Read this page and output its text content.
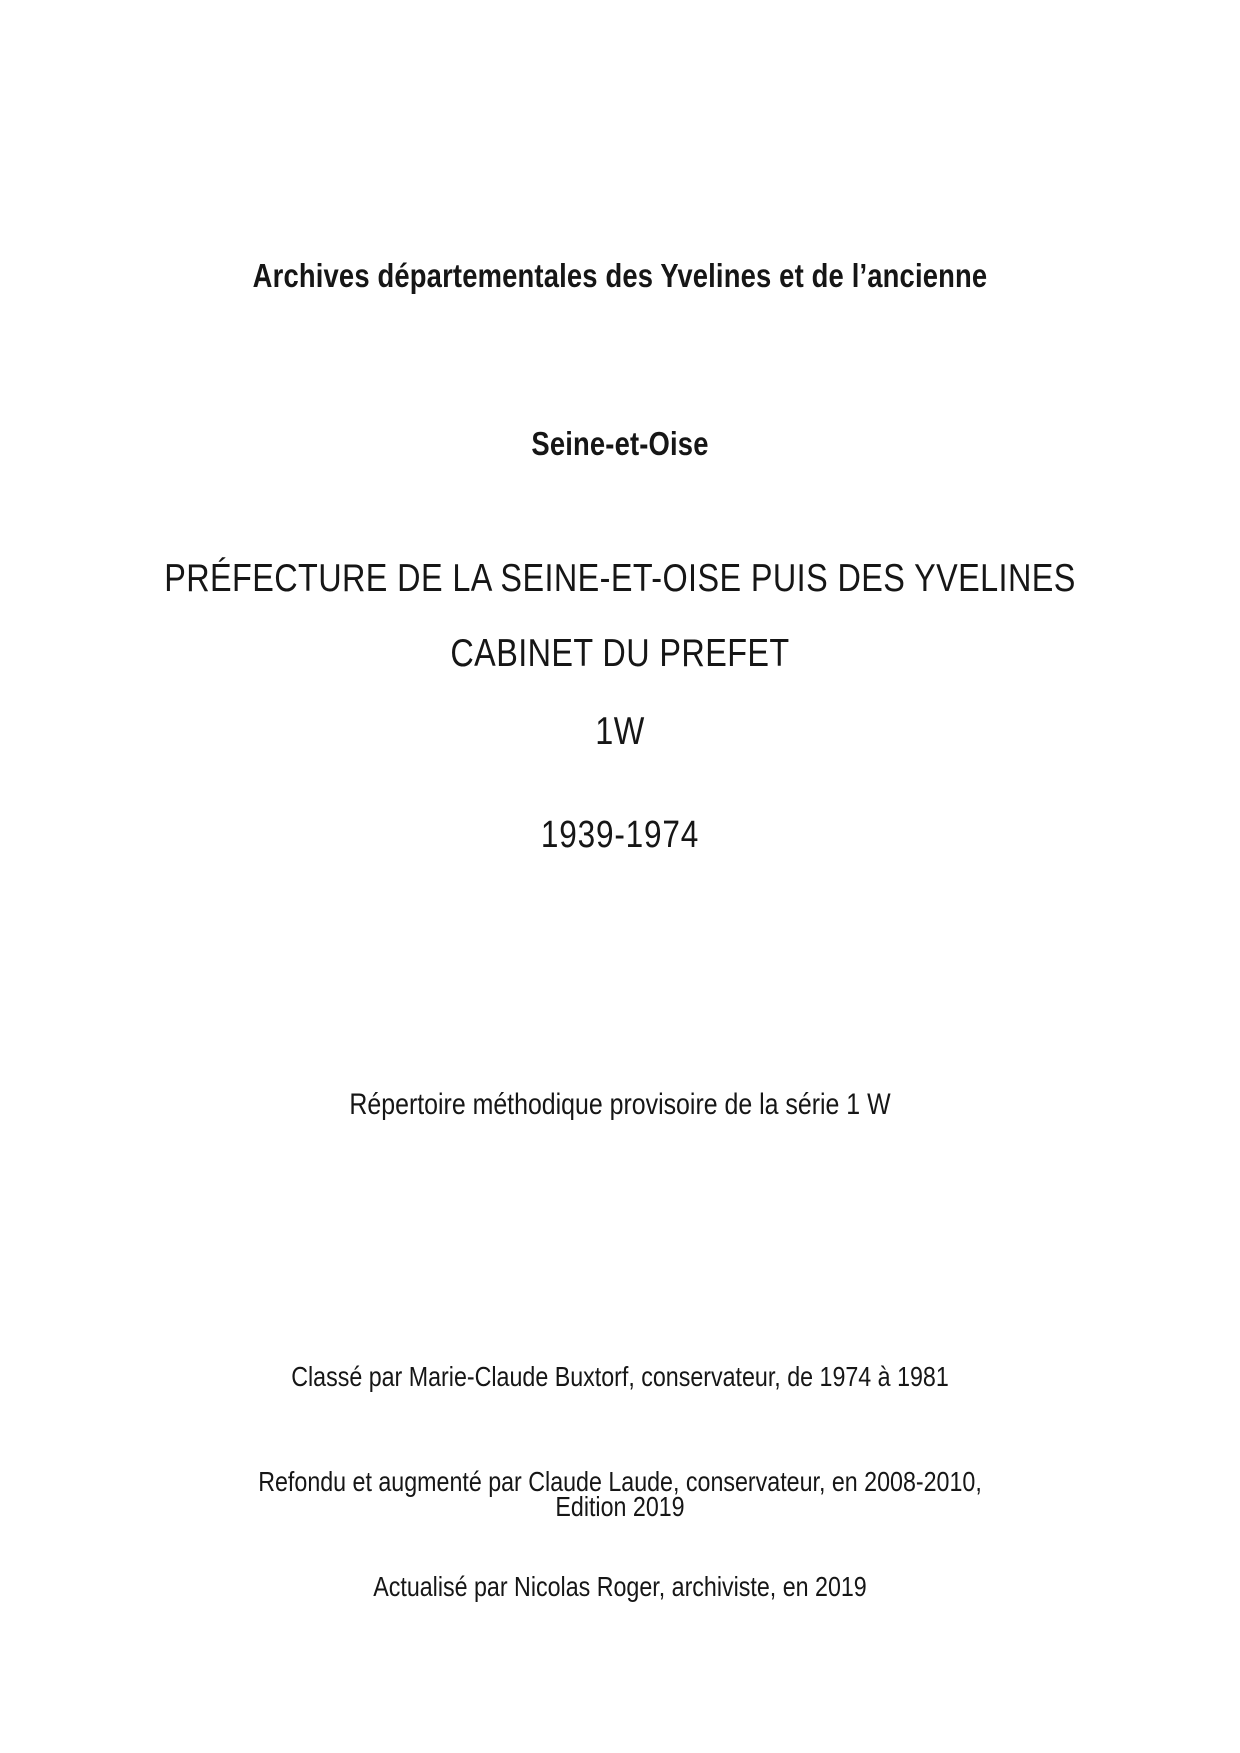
Archives départementales des Yvelines et de l’ancienne

Seine-et-Oise

PRÉFECTURE DE LA SEINE-ET-OISE PUIS DES YVELINES
CABINET DU PREFET
1W
1939-1974
Répertoire méthodique provisoire de la série 1 W

Classé par Marie-Claude Buxtorf, conservateur, de 1974 à 1981

Refondu et augmenté par Claude Laude, conservateur, en 2008-2010,

Actualisé par Nicolas Roger, archiviste, en 2019

Edition 2019
